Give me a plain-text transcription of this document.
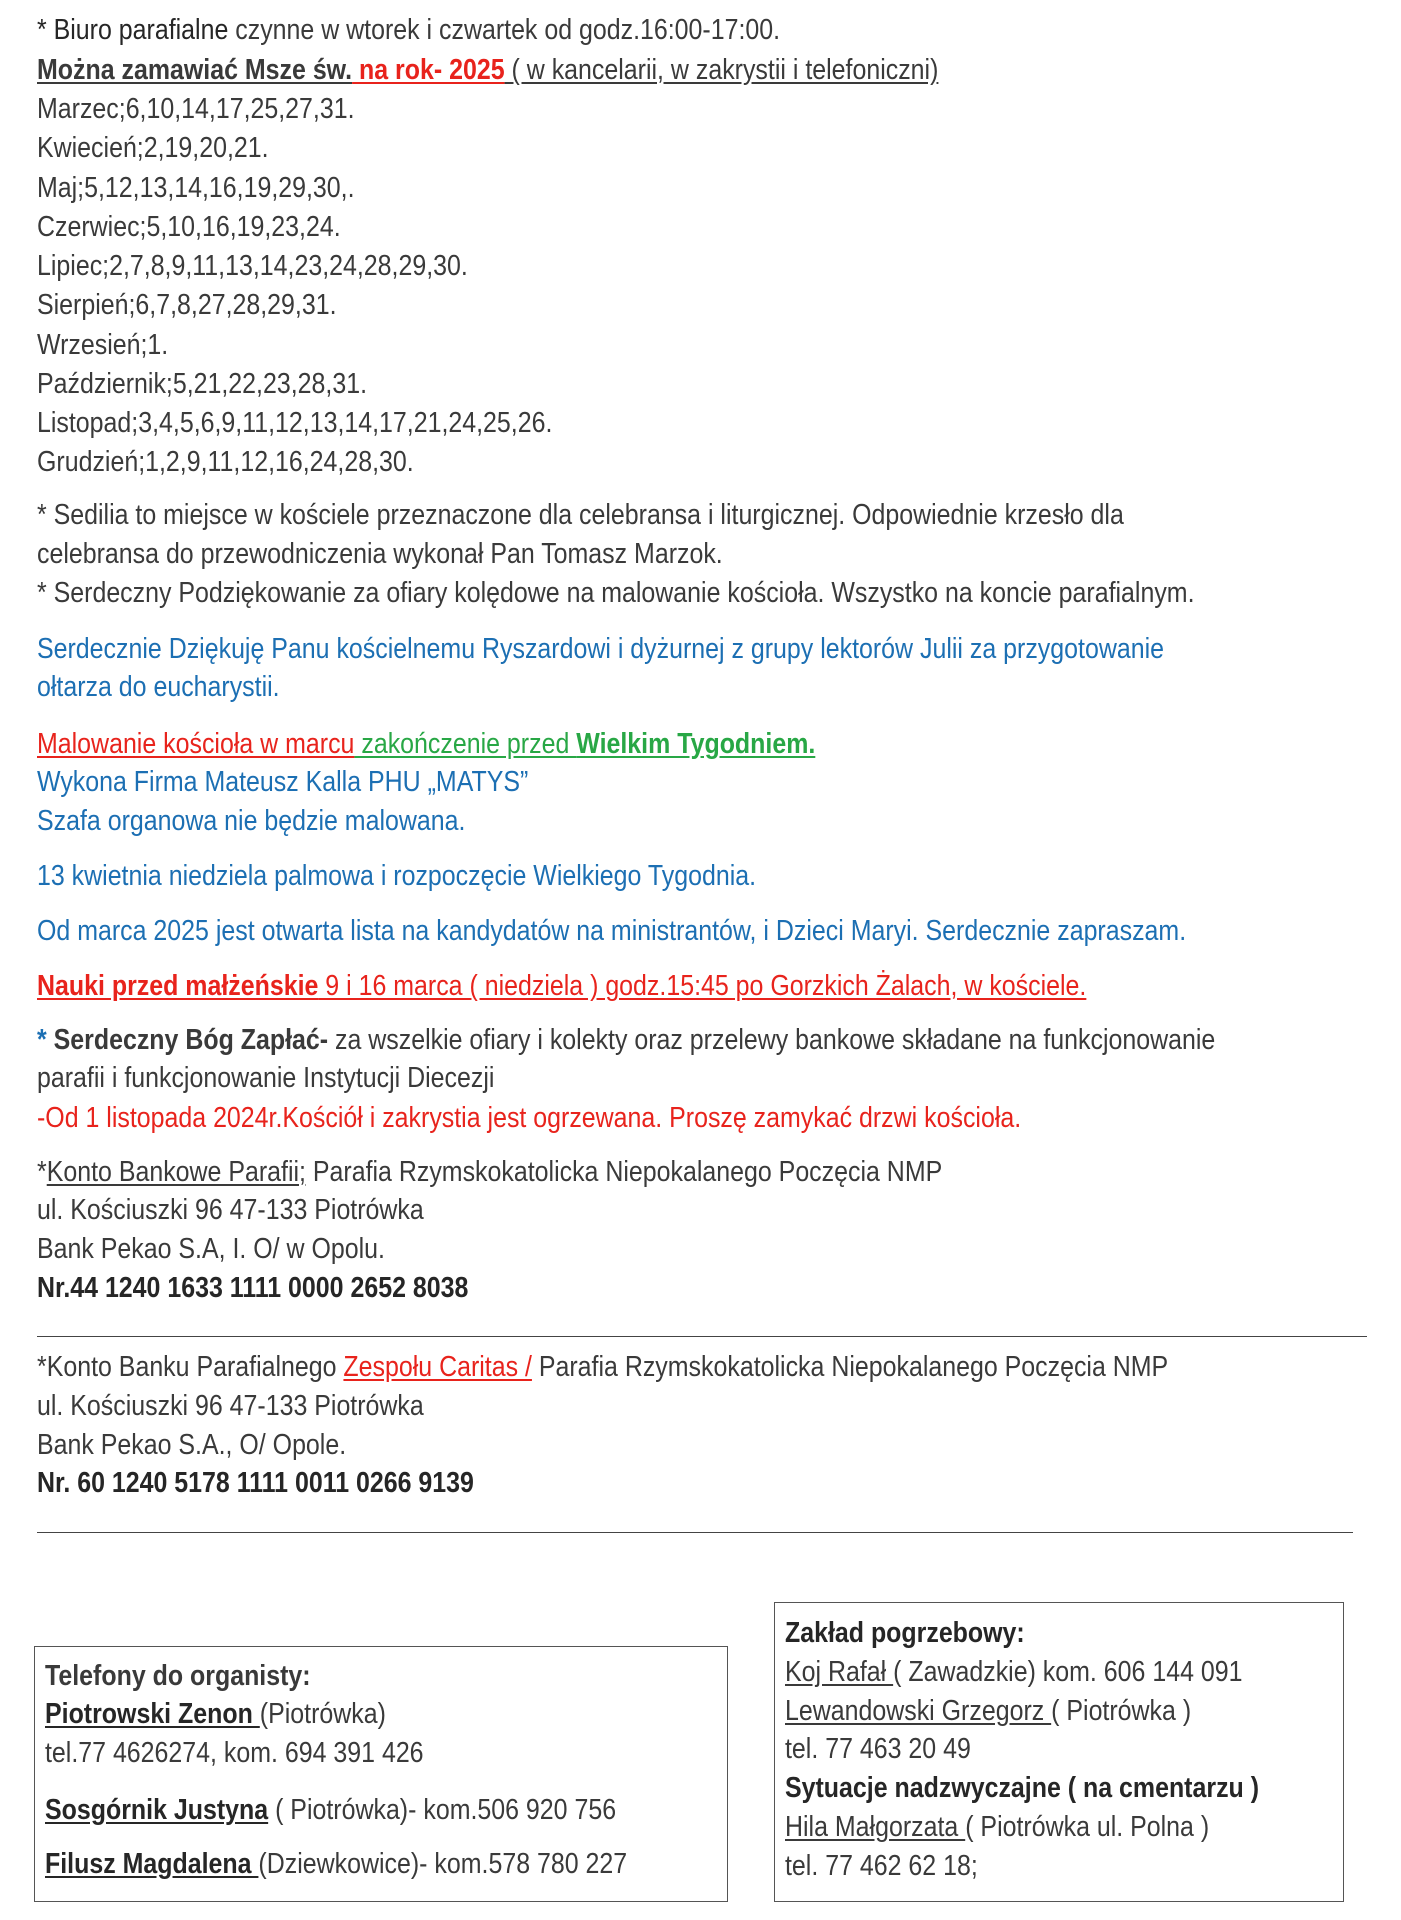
* Biuro parafialne czynne w wtorek i czwartek od godz.16:00-17:00.
Można zamawiać Msze św. na rok- 2025 ( w kancelarii, w zakrystii i telefoniczni)
Marzec;6,10,14,17,25,27,31.
Kwiecień;2,19,20,21.
Maj;5,12,13,14,16,19,29,30,.
Czerwiec;5,10,16,19,23,24.
Lipiec;2,7,8,9,11,13,14,23,24,28,29,30.
Sierpień;6,7,8,27,28,29,31.
Wrzesień;1.
Październik;5,21,22,23,28,31.
Listopad;3,4,5,6,9,11,12,13,14,17,21,24,25,26.
Grudzień;1,2,9,11,12,16,24,28,30.
* Sedilia to miejsce w kościele przeznaczone dla celebransa i liturgicznej. Odpowiednie krzesło dla
celebransa do przewodniczenia wykonał Pan Tomasz Marzok.
* Serdeczny Podziękowanie za ofiary kolędowe na malowanie kościoła. Wszystko na koncie parafialnym.
Serdecznie Dziękuję Panu kościelnemu Ryszardowi i dyżurnej z grupy lektorów Julii za przygotowanie
ołtarza do eucharystii.
Malowanie kościoła w marcu zakończenie przed Wielkim Tygodniem.
Wykona Firma Mateusz Kalla PHU „MATYS”
Szafa organowa nie będzie malowana.
13 kwietnia niedziela palmowa i rozpoczęcie Wielkiego Tygodnia.
Od marca 2025 jest otwarta lista na kandydatów na ministrantów, i Dzieci Maryi. Serdecznie zapraszam.
Nauki przed małżeńskie 9 i 16 marca ( niedziela ) godz.15:45 po Gorzkich Żalach, w kościele.
* Serdeczny Bóg Zapłać- za wszelkie ofiary i kolekty oraz przelewy bankowe składane na funkcjonowanie
parafii i funkcjonowanie Instytucji Diecezji
-Od 1 listopada 2024r.Kościół i zakrystia jest ogrzewana. Proszę zamykać drzwi kościoła.
*Konto Bankowe Parafii; Parafia Rzymskokatolicka Niepokalanego Poczęcia NMP
ul. Kościuszki 96 47-133 Piotrówka
Bank Pekao S.A, I. O/ w Opolu.
Nr.44 1240 1633 1111 0000 2652 8038
*Konto Banku Parafialnego Zespołu Caritas / Parafia Rzymskokatolicka Niepokalanego Poczęcia NMP
ul. Kościuszki 96 47-133 Piotrówka
Bank Pekao S.A., O/ Opole.
Nr. 60 1240 5178 1111 0011 0266 9139
Telefony do organisty:
Piotrowski Zenon (Piotrówka)
tel.77 4626274, kom. 694 391 426
Sosgórnik Justyna ( Piotrówka)- kom.506 920 756
Filusz Magdalena (Dziewkowice)- kom.578 780 227
Zakład pogrzebowy:
Koj Rafał ( Zawadzkie) kom. 606 144 091
Lewandowski Grzegorz ( Piotrówka )
tel. 77 463 20 49
Sytuacje nadzwyczajne ( na cmentarzu )
Hila Małgorzata ( Piotrówka ul. Polna )
tel. 77 462 62 18;
